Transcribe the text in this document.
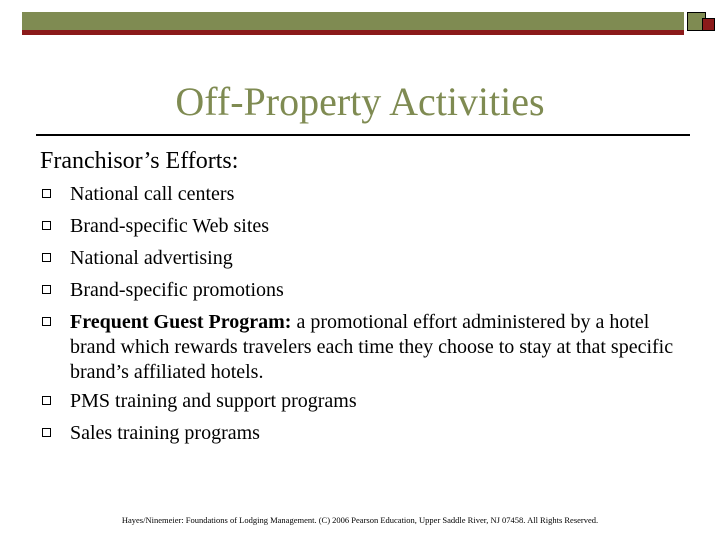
Off-Property Activities
Franchisor’s Efforts:
National call centers
Brand-specific Web sites
National advertising
Brand-specific promotions
Frequent Guest Program: a promotional effort administered by a hotel brand which rewards travelers each time they choose to stay at that specific brand’s affiliated hotels.
PMS training and support programs
Sales training programs
Hayes/Ninemeier: Foundations of Lodging Management. (C) 2006 Pearson Education, Upper Saddle River, NJ 07458. All Rights Reserved.
